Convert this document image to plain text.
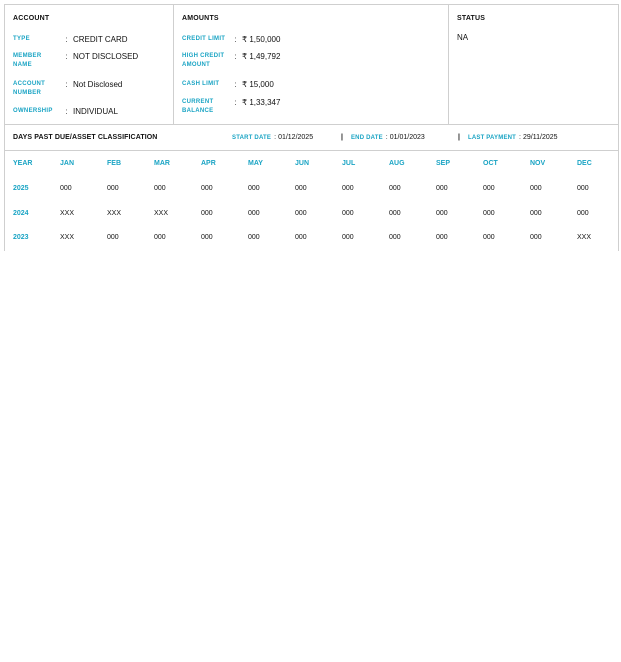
ACCOUNT
TYPE	: CREDIT CARD
MEMBER
NAME
: NOT DISCLOSED
ACCOUNT
NUMBER
: Not Disclosed
OWNERSHIP	: INDIVIDUAL
AMOUNTS
CREDIT LIMIT	: ₹ 1,50,000
HIGH CREDIT
AMOUNT
: ₹ 1,49,792
CASH LIMIT	: ₹ 15,000
CURRENT
BALANCE
: ₹ 1,33,347
STATUS
NA
DAYS PAST DUE/ASSET CLASSIFICATION	START DATE : 01/12/2025	| END DATE : 01/01/2023	| LAST PAYMENT : 29/11/2025
YEAR	JAN	FEB	MAR	APR	MAY	JUN	JUL	AUG	SEP	OCT	NOV	DEC
2025	000	000	000	000	000	000	000	000	000	000	000	000
2024	XXX	XXX	XXX	000	000	000	000	000	000	000	000	000
2023	XXX	000	000	000	000	000	000	000	000	000	000	XXX
